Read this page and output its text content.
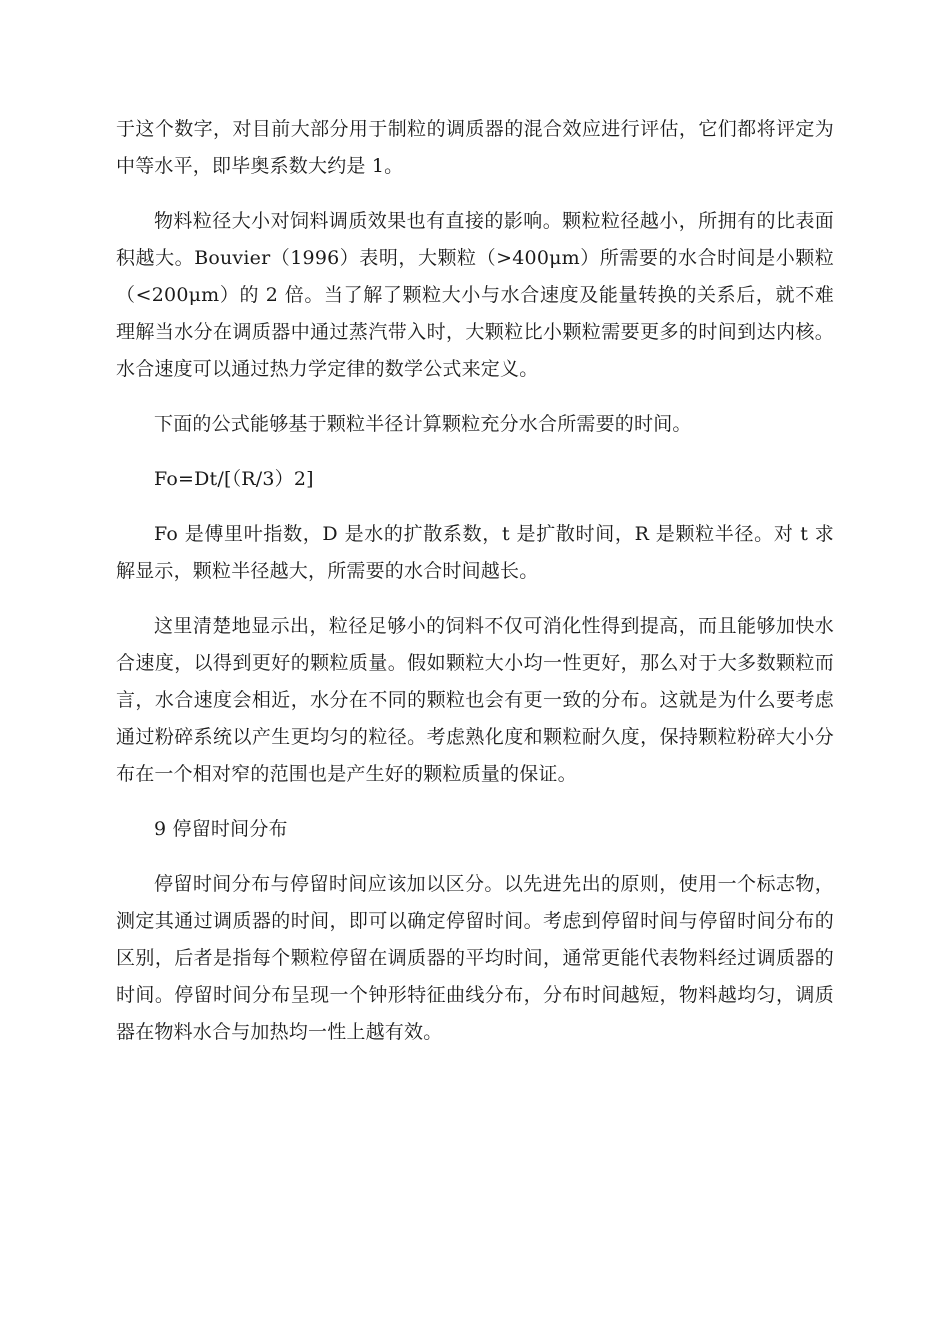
于这个数字，对目前大部分用于制粒的调质器的混合效应进行评估，它们都将评定为中等水平，即毕奥系数大约是 1。

物料粒径大小对饲料调质效果也有直接的影响。颗粒粒径越小，所拥有的比表面积越大。Bouvier（1996）表明，大颗粒（>400μm）所需要的水合时间是小颗粒（<200μm）的 2 倍。当了解了颗粒大小与水合速度及能量转换的关系后，就不难理解当水分在调质器中通过蒸汽带入时，大颗粒比小颗粒需要更多的时间到达内核。水合速度可以通过热力学定律的数学公式来定义。

下面的公式能够基于颗粒半径计算颗粒充分水合所需要的时间。

Fo=Dt/[（R/3）2]

Fo 是傅里叶指数，D 是水的扩散系数，t 是扩散时间，R 是颗粒半径。对 t 求解显示，颗粒半径越大，所需要的水合时间越长。

这里清楚地显示出，粒径足够小的饲料不仅可消化性得到提高，而且能够加快水合速度，以得到更好的颗粒质量。假如颗粒大小均一性更好，那么对于大多数颗粒而言，水合速度会相近，水分在不同的颗粒也会有更一致的分布。这就是为什么要考虑通过粉碎系统以产生更均匀的粒径。考虑熟化度和颗粒耐久度，保持颗粒粉碎大小分布在一个相对窄的范围也是产生好的颗粒质量的保证。

9 停留时间分布

停留时间分布与停留时间应该加以区分。以先进先出的原则，使用一个标志物，测定其通过调质器的时间，即可以确定停留时间。考虑到停留时间与停留时间分布的区别，后者是指每个颗粒停留在调质器的平均时间，通常更能代表物料经过调质器的时间。停留时间分布呈现一个钟形特征曲线分布，分布时间越短，物料越均匀，调质器在物料水合与加热均一性上越有效。
